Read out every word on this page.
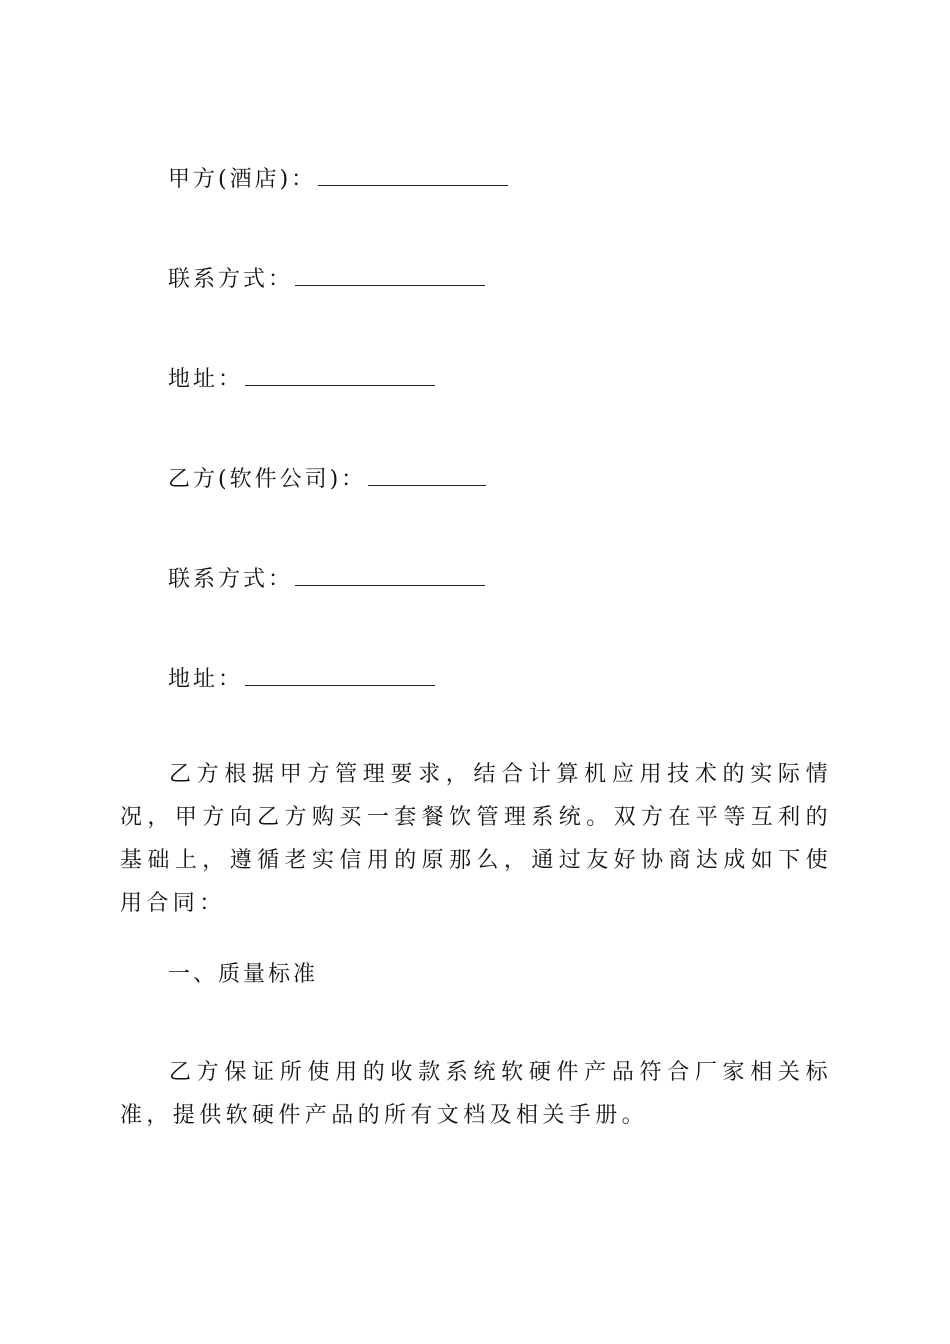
甲方(酒店)：
联系方式：
地址：
乙方(软件公司)：
联系方式：
地址：

乙方根据甲方管理要求，结合计算机应用技术的实际情况，甲方向乙方购买一套餐饮管理系统。双方在平等互利的基础上，遵循老实信用的原那么，通过友好协商达成如下使用合同：

一、质量标准

乙方保证所使用的收款系统软硬件产品符合厂家相关标准，提供软硬件产品的所有文档及相关手册。
